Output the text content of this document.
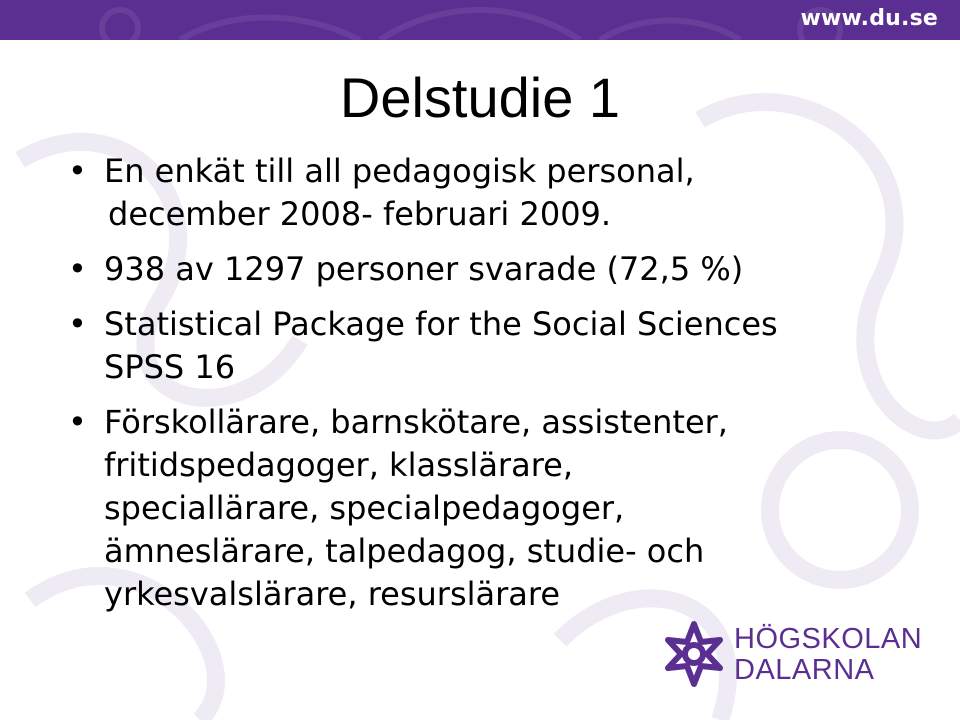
www.du.se
Delstudie 1
• En enkät till all pedagogisk personal,
december 2008- februari 2009.
• 938 av 1297 personer svarade (72,5 %)
• Statistical Package for the Social Sciences
SPSS 16
• Förskollärare, barnskötare, assistenter,
fritidspedagoger, klasslärare,
speciallärare, specialpedagoger,
ämneslärare, talpedagog, studie- och
yrkesvalslärare, resurslärare
HÖGSKOLAN
DALARNA
